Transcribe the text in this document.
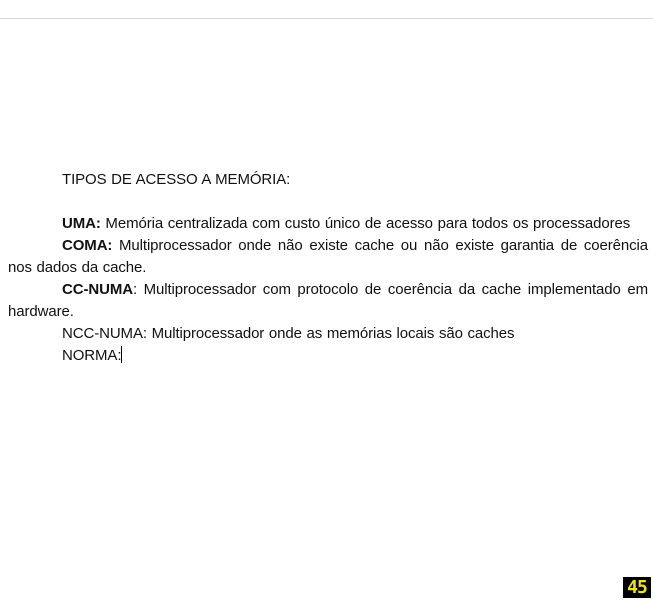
TIPOS DE ACESSO A MEMÓRIA:

UMA: Memória centralizada com custo único de acesso para todos os processadores

COMA: Multiprocessador onde não existe cache ou não existe garantia de coerência nos dados da cache.

CC-NUMA: Multiprocessador com protocolo de coerência da cache implementado em hardware.

NCC-NUMA: Multiprocessador onde as memórias locais são caches

NORMA:

45
